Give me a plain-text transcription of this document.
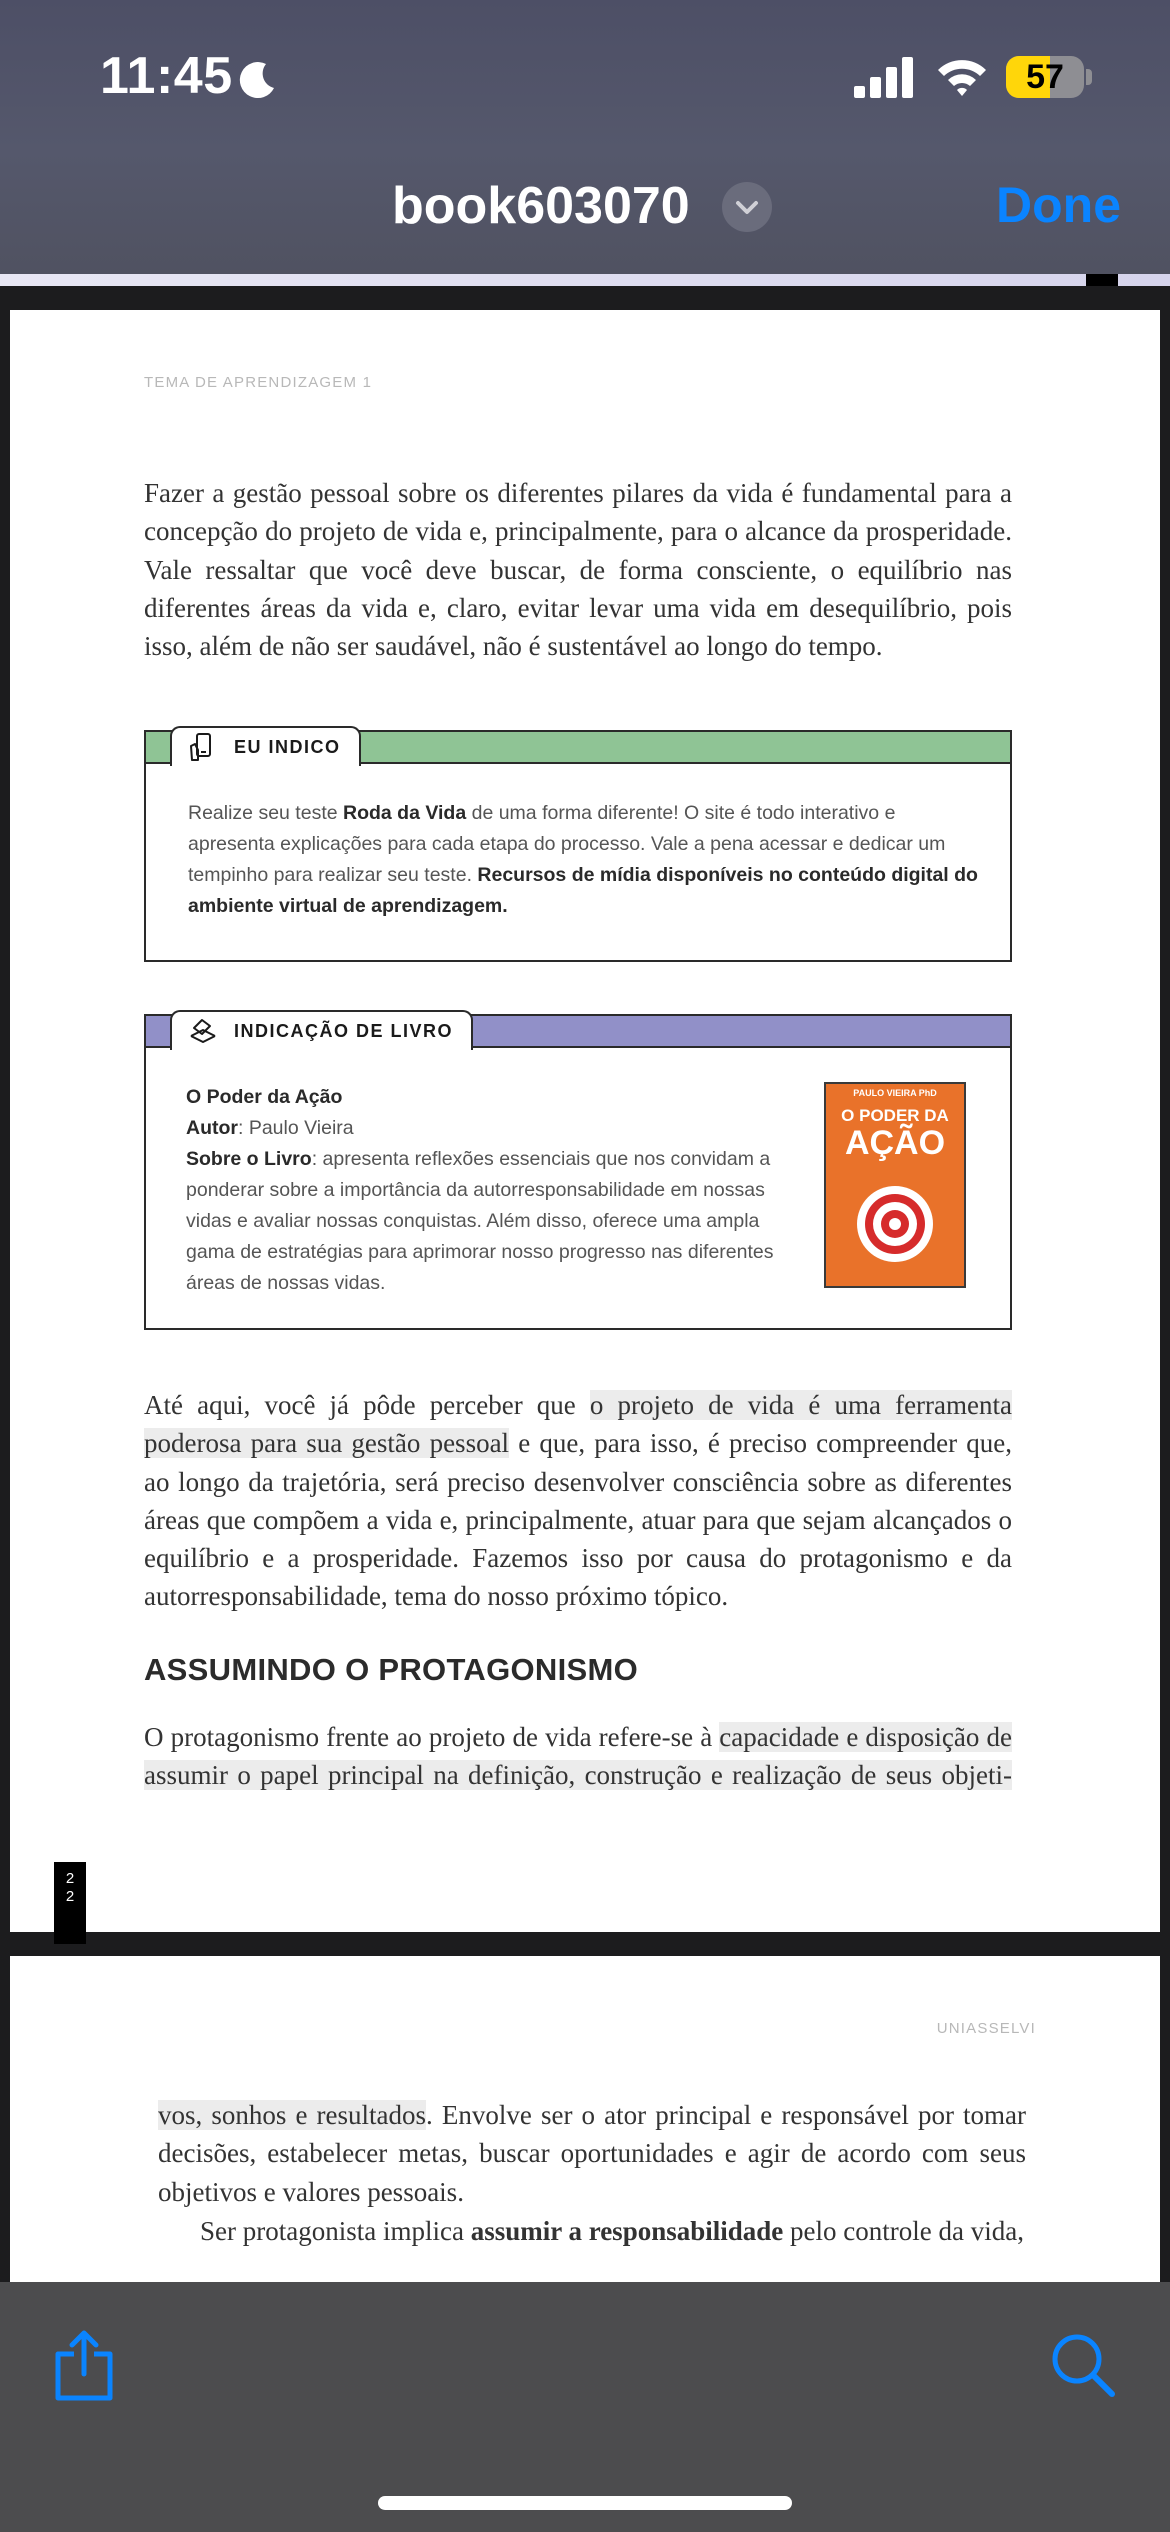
11:45	57
book603070	Done
TEMA DE APRENDIZAGEM 1

Fazer a gestão pessoal sobre os diferentes pilares da vida é fundamental para a concepção do projeto de vida e, principalmente, para o alcance da prosperidade. Vale ressaltar que você deve buscar, de forma consciente, o equilíbrio nas diferentes áreas da vida e, claro, evitar levar uma vida em desequilíbrio, pois isso, além de não ser saudável, não é sustentável ao longo do tempo.

EU INDICO

Realize seu teste Roda da Vida de uma forma diferente! O site é todo interativo e apresenta explicações para cada etapa do processo. Vale a pena acessar e dedicar um tempinho para realizar seu teste. Recursos de mídia disponíveis no conteúdo digital do ambiente virtual de aprendizagem.

INDICAÇÃO DE LIVRO

O Poder da Ação
Autor: Paulo Vieira
Sobre o Livro: apresenta reflexões essenciais que nos convidam a ponderar sobre a importância da autorresponsabilidade em nossas vidas e avaliar nossas conquistas. Além disso, oferece uma ampla gama de estratégias para aprimorar nosso progresso nas diferentes áreas de nossas vidas.

PAULO VIEIRA PhD
O PODER DA
AÇÃO

Até aqui, você já pôde perceber que o projeto de vida é uma ferramenta poderosa para sua gestão pessoal e que, para isso, é preciso compreender que, ao longo da trajetória, será preciso desenvolver consciência sobre as diferentes áreas que compõem a vida e, principalmente, atuar para que sejam alcançados o equilíbrio e a prosperidade. Fazemos isso por causa do protagonismo e da autorresponsabilidade, tema do nosso próximo tópico.

ASSUMINDO O PROTAGONISMO

O protagonismo frente ao projeto de vida refere-se à capacidade e disposição de assumir o papel principal na definição, construção e realização de seus objeti-

22
UNIASSELVI

vos, sonhos e resultados. Envolve ser o ator principal e responsável por tomar decisões, estabelecer metas, buscar oportunidades e agir de acordo com seus objetivos e valores pessoais.

Ser protagonista implica assumir a responsabilidade pelo controle da vida,
